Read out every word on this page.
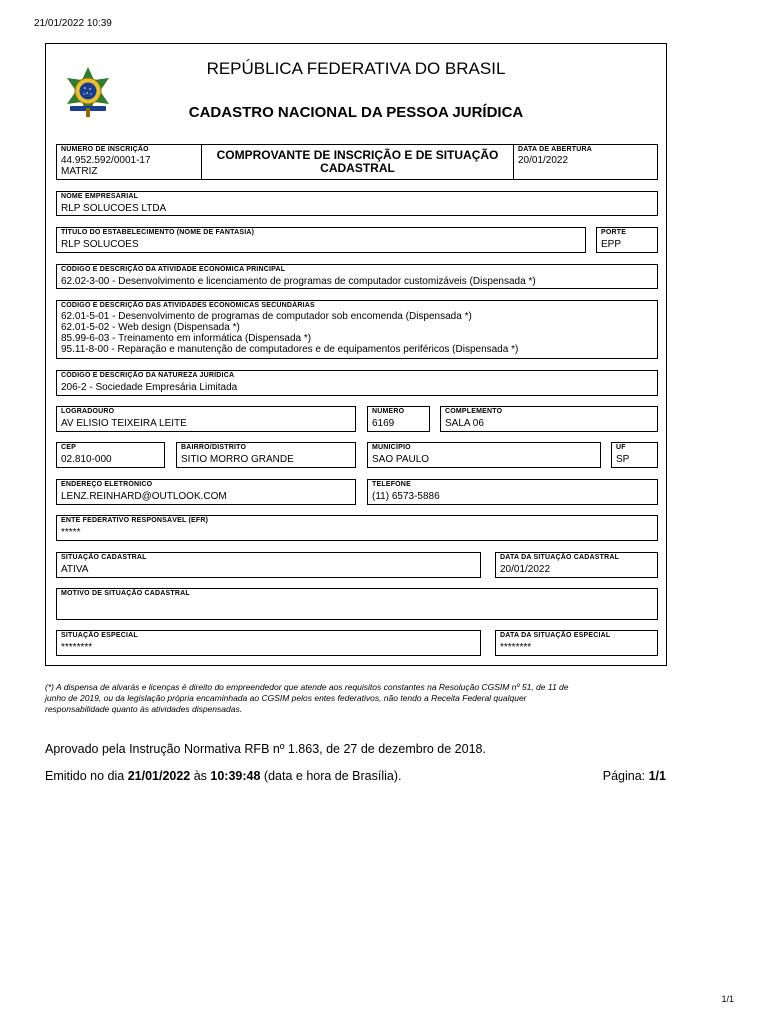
21/01/2022 10:39
REPÚBLICA FEDERATIVA DO BRASIL
CADASTRO NACIONAL DA PESSOA JURÍDICA
NÚMERO DE INSCRIÇÃO
44.952.592/0001-17
MATRIZ
COMPROVANTE DE INSCRIÇÃO E DE SITUAÇÃO
CADASTRAL
DATA DE ABERTURA
20/01/2022
NOME EMPRESARIAL
RLP SOLUCOES LTDA
TÍTULO DO ESTABELECIMENTO (NOME DE FANTASIA)
RLP SOLUCOES
PORTE
EPP
CÓDIGO E DESCRIÇÃO DA ATIVIDADE ECONÔMICA PRINCIPAL
62.02-3-00 - Desenvolvimento e licenciamento de programas de computador customizáveis (Dispensada *)
CÓDIGO E DESCRIÇÃO DAS ATIVIDADES ECONÔMICAS SECUNDÁRIAS
62.01-5-01 - Desenvolvimento de programas de computador sob encomenda (Dispensada *)
62.01-5-02 - Web design (Dispensada *)
85.99-6-03 - Treinamento em informática (Dispensada *)
95.11-8-00 - Reparação e manutenção de computadores e de equipamentos periféricos (Dispensada *)
CÓDIGO E DESCRIÇÃO DA NATUREZA JURÍDICA
206-2 - Sociedade Empresária Limitada
LOGRADOURO
AV ELISIO TEIXEIRA LEITE
NÚMERO
6169
COMPLEMENTO
SALA 06
CEP
02.810-000
BAIRRO/DISTRITO
SITIO MORRO GRANDE
MUNICÍPIO
SAO PAULO
UF
SP
ENDEREÇO ELETRÔNICO
LENZ.REINHARD@OUTLOOK.COM
TELEFONE
(11) 6573-5886
ENTE FEDERATIVO RESPONSÁVEL (EFR)
*****
SITUAÇÃO CADASTRAL
ATIVA
DATA DA SITUAÇÃO CADASTRAL
20/01/2022
MOTIVO DE SITUAÇÃO CADASTRAL
SITUAÇÃO ESPECIAL
********
DATA DA SITUAÇÃO ESPECIAL
********
(*) A dispensa de alvarás e licenças é direito do empreendedor que atende aos requisitos constantes na Resolução CGSIM nº 51, de 11 de
junho de 2019, ou da legislação própria encaminhada ao CGSIM pelos entes federativos, não tendo a Receita Federal qualquer
responsabilidade quanto às atividades dispensadas.
Aprovado pela Instrução Normativa RFB nº 1.863, de 27 de dezembro de 2018.
Emitido no dia 21/01/2022 às 10:39:48 (data e hora de Brasília).	Página: 1/1
1/1
